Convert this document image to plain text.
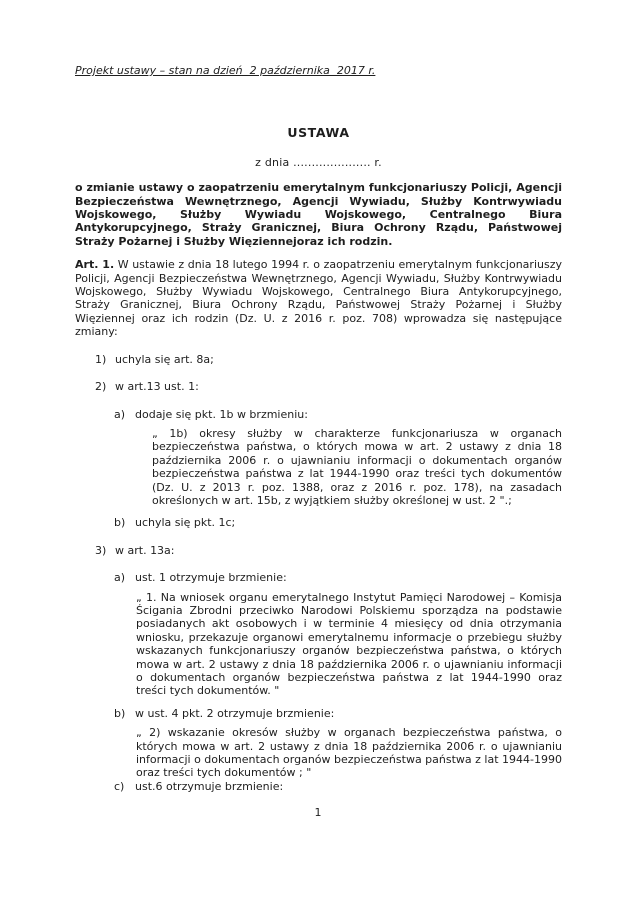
Projekt ustawy – stan na dzień  2 października  2017 r.
USTAWA
z dnia ..................... r.

o zmianie ustawy o zaopatrzeniu emerytalnym funkcjonariuszy Policji, Agencji Bezpieczeństwa Wewnętrznego, Agencji Wywiadu, Służby Kontrwywiadu Wojskowego, Służby Wywiadu Wojskowego, Centralnego Biura Antykorupcyjnego, Straży Granicznej, Biura Ochrony Rządu, Państwowej Straży Pożarnej i Służby Więziennejoraz ich rodzin.

Art. 1. W ustawie z dnia 18 lutego 1994 r. o zaopatrzeniu emerytalnym funkcjonariuszy Policji, Agencji Bezpieczeństwa Wewnętrznego, Agencji Wywiadu, Służby Kontrwywiadu Wojskowego, Służby Wywiadu Wojskowego, Centralnego Biura Antykorupcyjnego, Straży Granicznej, Biura Ochrony Rządu, Państwowej Straży Pożarnej i Służby Więziennej oraz ich rodzin (Dz. U. z 2016 r. poz. 708) wprowadza się następujące zmiany:

1) uchyla się art. 8a;
2) w art.13 ust. 1:
a) dodaje się pkt. 1b w brzmieniu:
„ 1b) okresy służby w charakterze funkcjonariusza w organach bezpieczeństwa państwa, o których mowa w art. 2 ustawy z dnia 18 października 2006 r. o ujawnianiu informacji o dokumentach organów bezpieczeństwa państwa z lat 1944-1990 oraz treści tych dokumentów (Dz. U. z 2013 r. poz. 1388, oraz z 2016 r. poz. 178), na zasadach określonych w art. 15b, z wyjątkiem służby określonej w ust. 2 ".;
b) uchyla się pkt. 1c;
3) w art. 13a:
a) ust. 1 otrzymuje brzmienie:
„ 1. Na wniosek organu emerytalnego Instytut Pamięci Narodowej – Komisja Ścigania Zbrodni przeciwko Narodowi Polskiemu sporządza na podstawie posiadanych akt osobowych i w terminie 4 miesięcy od dnia otrzymania wniosku, przekazuje organowi emerytalnemu informacje o przebiegu służby wskazanych funkcjonariuszy organów bezpieczeństwa państwa, o których mowa w art. 2 ustawy z dnia 18 października 2006 r. o ujawnianiu informacji o dokumentach organów bezpieczeństwa państwa z lat 1944-1990 oraz treści tych dokumentów. "
b) w ust. 4 pkt. 2 otrzymuje brzmienie:
„ 2) wskazanie okresów służby w organach bezpieczeństwa państwa, o których mowa w art. 2 ustawy z dnia 18 października 2006 r. o ujawnianiu informacji o dokumentach organów bezpieczeństwa państwa z lat 1944-1990 oraz treści tych dokumentów ; "
c) ust.6 otrzymuje brzmienie:
1
